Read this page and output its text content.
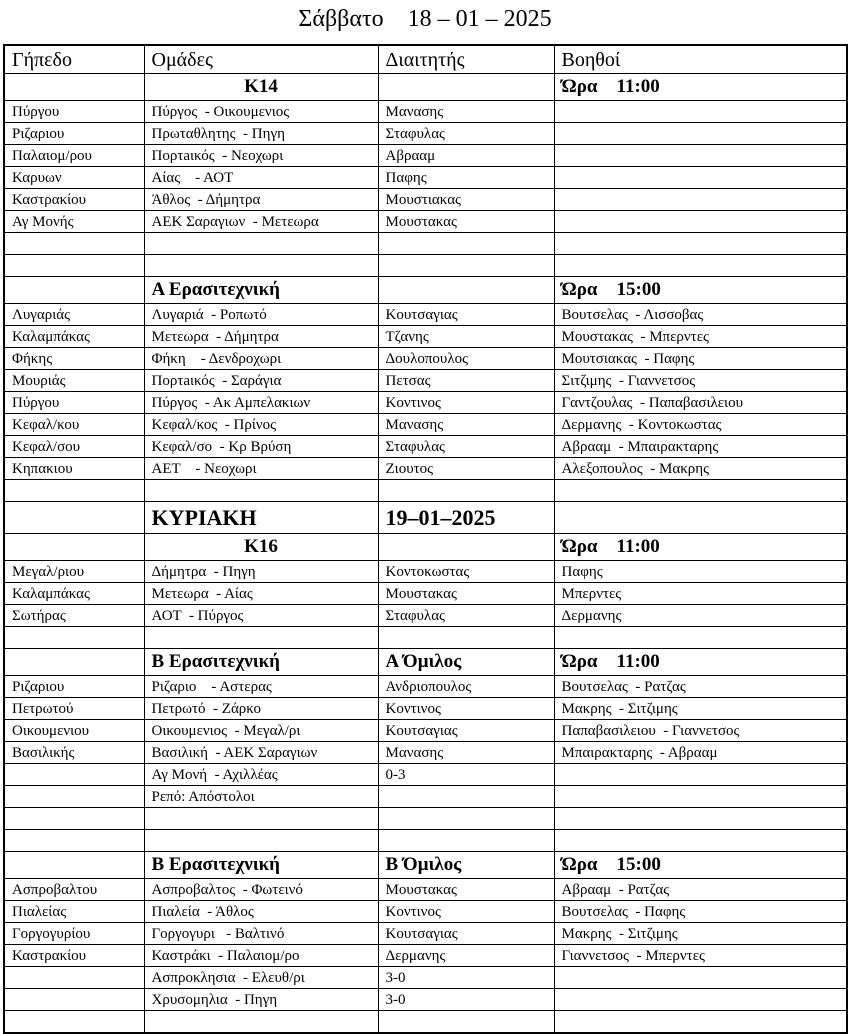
Σάββατο    18 – 01 – 2025
Γήπεδο	Ομάδες	Διαιτητής	Βοηθοί
	Κ14		Ώρα    11:00
Πύργου	Πύργος  - Οικουμενιος	Μανασης	
Ριζαριου	Πρωταθλητης  - Πηγη	Σταφυλας	
Παλαιομ/ρου	Πορτaικός  - Νεοχωρι	Αβρααμ	
Καρυων	Αίας    - ΑΟΤ	Παφης	
Καστρακίου	Άθλος  - Δήμητρα	Μουστιακας	
Αγ Μονής	ΑΕΚ Σαραγιων  - Μετεωρα	Μουστακας	

	Α Ερασιτεχνική		Ώρα    15:00
Λυγαριάς	Λυγαριά  - Ροπωτό	Κουτσαγιας	Βουτσελας  - Λισσοβας
Καλαμπάκας	Μετεωρα  - Δήμητρα	Τζανης	Μουστακας  - Μπερντες
Φήκης	Φήκη    - Δενδροχωρι	Δουλοπουλος	Μουτσιακας  - Παφης
Μουριάς	Πορτaικός  - Σαράγια	Πετσας	Σιτζιμης  - Γιαννετσος
Πύργου	Πύργος  - Ακ Αμπελακιων	Κοντινος	Γαντζουλας  - Παπαβασιλειου
Κεφαλ/κου	Κεφαλ/κος  - Πρίνος	Μανασης	Δερμανης  - Κοντοκωστας
Κεφαλ/σου	Κεφαλ/σο  - Κρ Βρύση	Σταφυλας	Αβρααμ  - Μπαιρακταρης
Κηπακιου	ΑΕΤ    - Νεοχωρι	Ζιουτος	Αλεξοπουλος  - Μακρης

	ΚΥΡΙΑΚΗ	19–01–2025	
	Κ16		Ώρα    11:00
Μεγαλ/ριου	Δήμητρα  - Πηγη	Κοντοκωστας	Παφης
Καλαμπάκας	Μετεωρα  - Αίας	Μουστακας	Μπερντες
Σωτήρας	ΑΟΤ  - Πύργος	Σταφυλας	Δερμανης

	Β Ερασιτεχνική	Α Όμιλος	Ώρα    11:00
Ριζαριου	Ριζαριο    - Αστερας	Ανδριοπουλος	Βουτσελας  - Ρατζας
Πετρωτού	Πετρωτό  - Ζάρκο	Κοντινος	Μακρης  - Σιτζιμης
Οικουμενιου	Οικουμενιος  - Μεγαλ/ρι	Κουτσαγιας	Παπαβασιλειου  - Γιαννετσος
Βασιλικής	Βασιλική  - ΑΕΚ Σαραγιων	Μανασης	Μπαιρακταρης  - Αβρααμ
	Αγ Μονή  - Αχιλλέας	0-3	
	Ρεπό: Απόστολοι		

	Β Ερασιτεχνική	Β Όμιλος	Ώρα    15:00
Ασπροβαλτου	Ασπροβαλτος  - Φωτεινό	Μουστακας	Αβρααμ  - Ρατζας
Πιαλείας	Πιαλεία  - Άθλος	Κοντινος	Βουτσελας  - Παφης
Γοργογυρίου	Γοργογυρι   - Βαλτινό	Κουτσαγιας	Μακρης  - Σιτζιμης
Καστρακίου	Καστράκι  - Παλαιομ/ρο	Δερμανης	Γιαννετσος  - Μπερντες
	Ασπροκλησια  - Ελευθ/ρι	3-0	
	Χρυσομηλια  - Πηγη	3-0	
